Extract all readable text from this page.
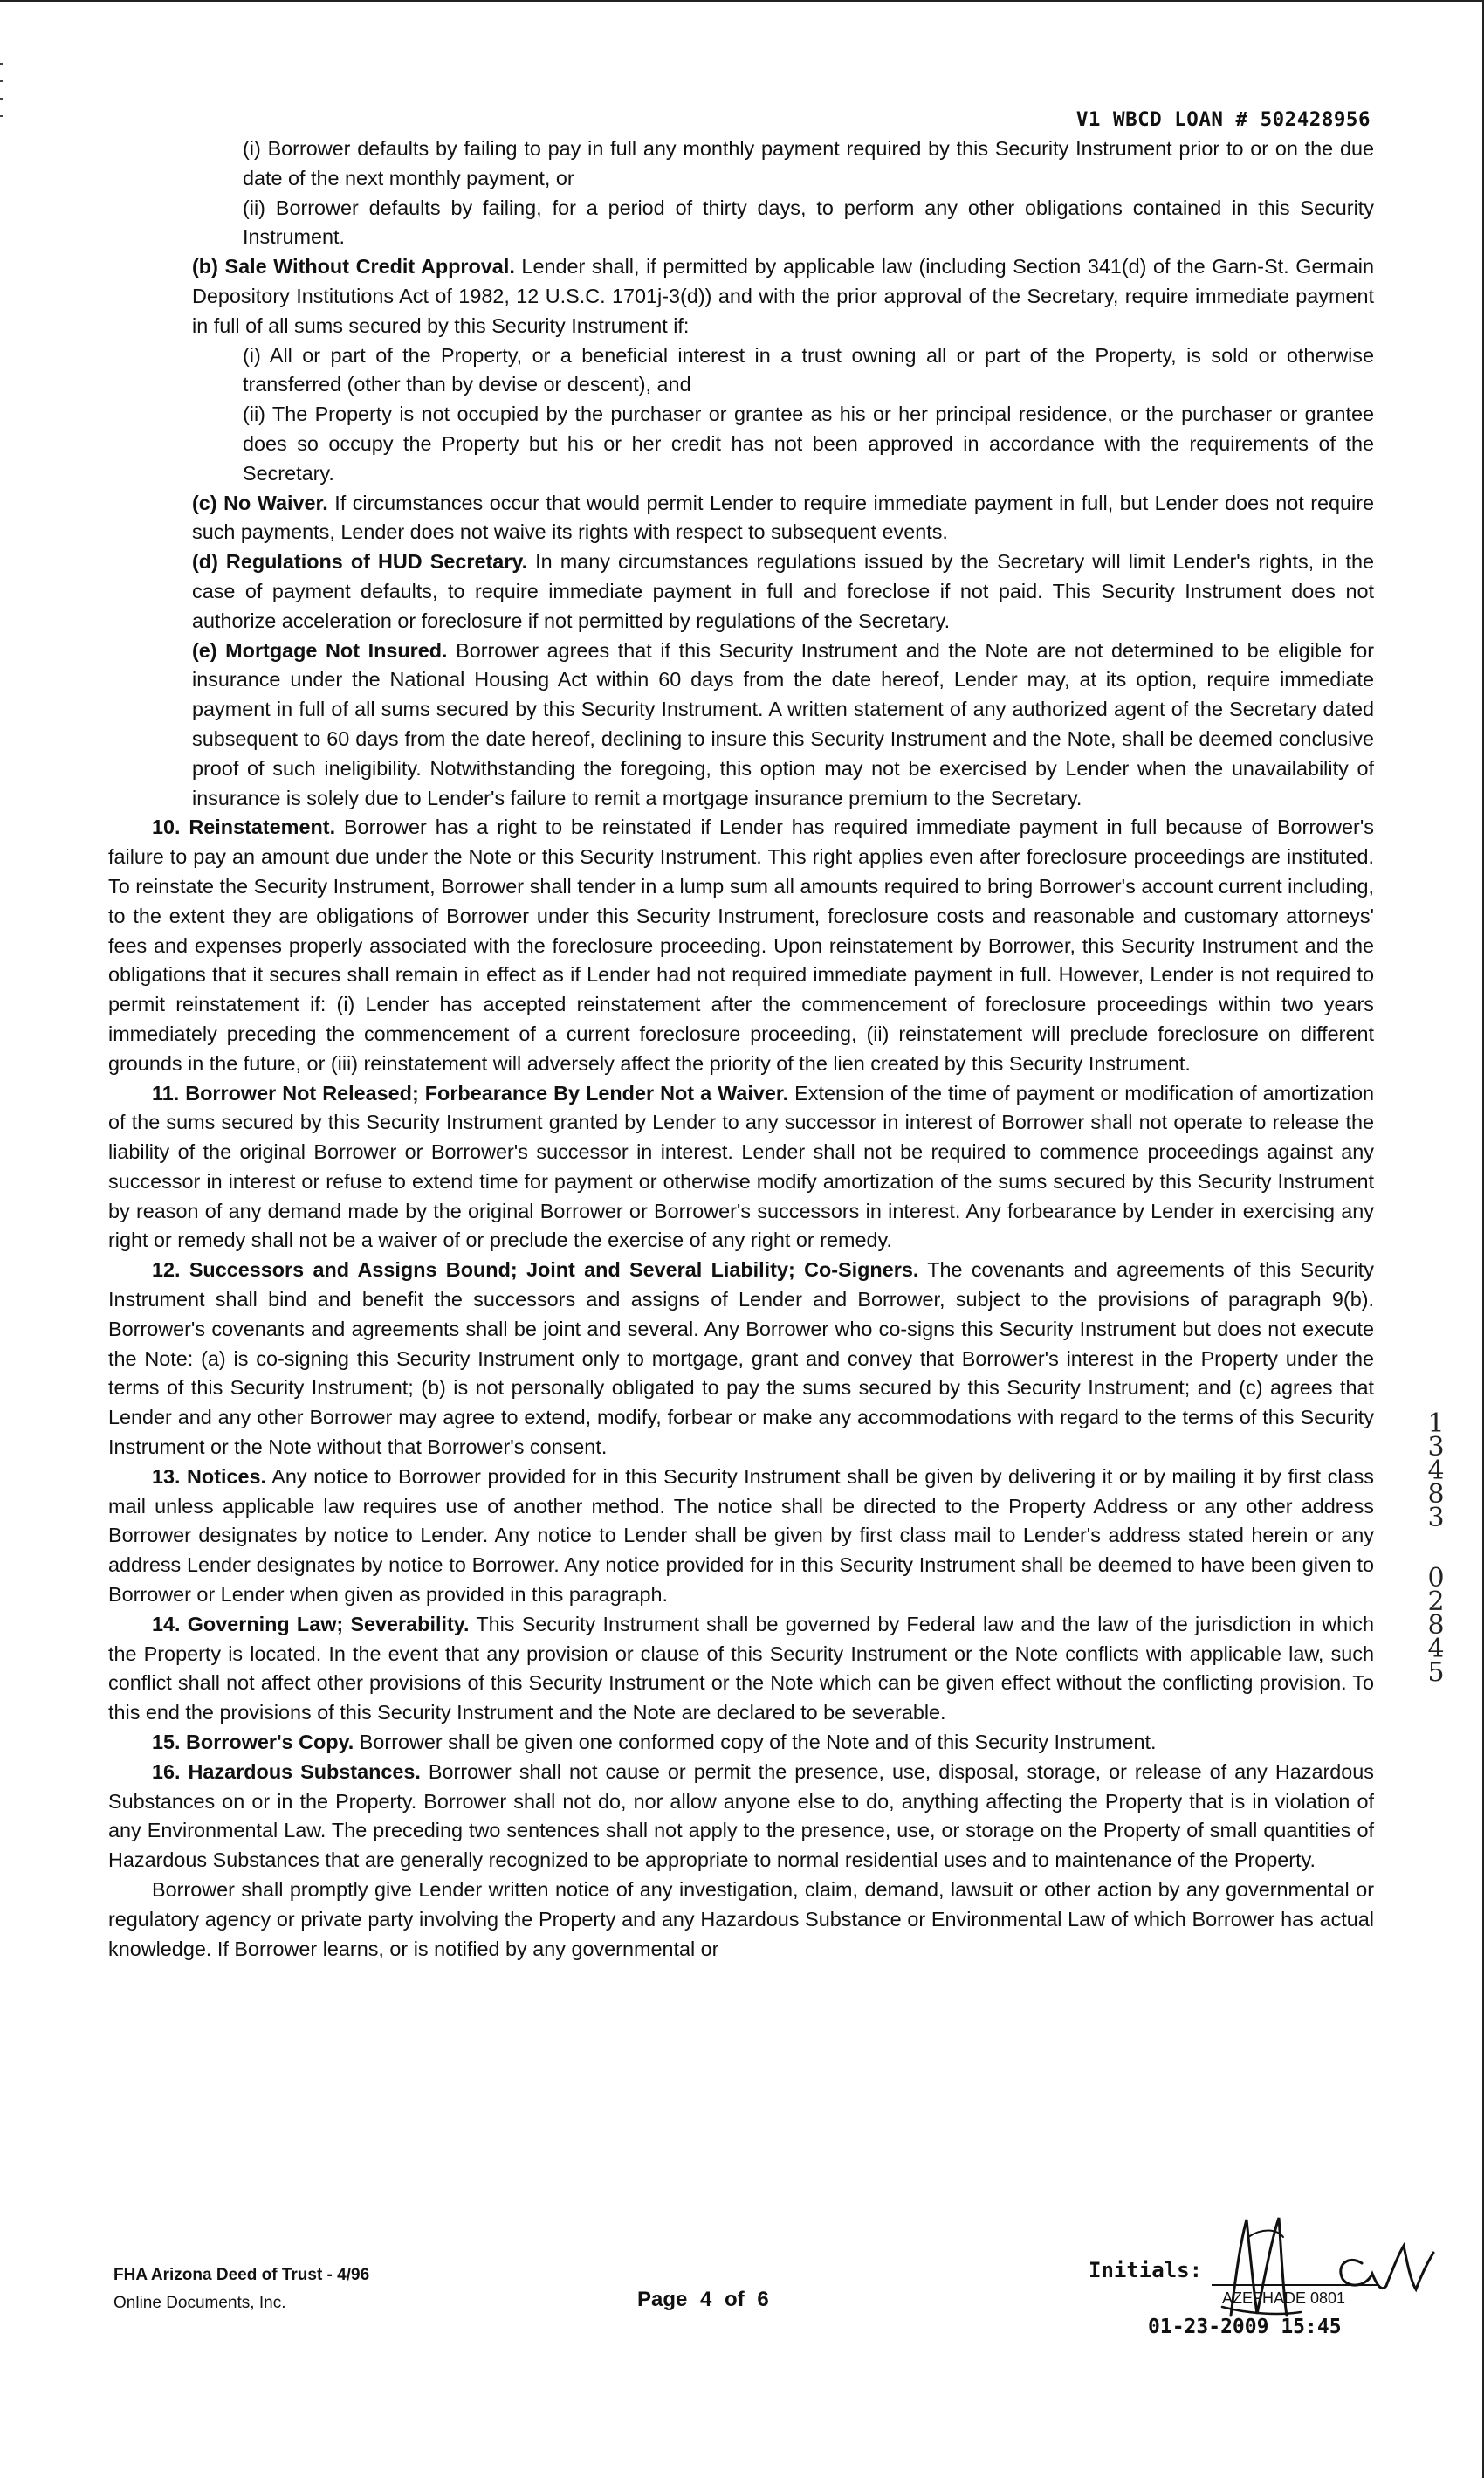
V1 WBCD LOAN # 502428956

(i) Borrower defaults by failing to pay in full any monthly payment required by this Security Instrument prior to or on the due date of the next monthly payment, or

(ii) Borrower defaults by failing, for a period of thirty days, to perform any other obligations contained in this Security Instrument.

(b) Sale Without Credit Approval. Lender shall, if permitted by applicable law (including Section 341(d) of the Garn-St. Germain Depository Institutions Act of 1982, 12 U.S.C. 1701j-3(d)) and with the prior approval of the Secretary, require immediate payment in full of all sums secured by this Security Instrument if:

(i) All or part of the Property, or a beneficial interest in a trust owning all or part of the Property, is sold or otherwise transferred (other than by devise or descent), and

(ii) The Property is not occupied by the purchaser or grantee as his or her principal residence, or the purchaser or grantee does so occupy the Property but his or her credit has not been approved in accordance with the requirements of the Secretary.

(c) No Waiver. If circumstances occur that would permit Lender to require immediate payment in full, but Lender does not require such payments, Lender does not waive its rights with respect to subsequent events.

(d) Regulations of HUD Secretary. In many circumstances regulations issued by the Secretary will limit Lender's rights, in the case of payment defaults, to require immediate payment in full and foreclose if not paid. This Security Instrument does not authorize acceleration or foreclosure if not permitted by regulations of the Secretary.

(e) Mortgage Not Insured. Borrower agrees that if this Security Instrument and the Note are not determined to be eligible for insurance under the National Housing Act within 60 days from the date hereof, Lender may, at its option, require immediate payment in full of all sums secured by this Security Instrument. A written statement of any authorized agent of the Secretary dated subsequent to 60 days from the date hereof, declining to insure this Security Instrument and the Note, shall be deemed conclusive proof of such ineligibility. Notwithstanding the foregoing, this option may not be exercised by Lender when the unavailability of insurance is solely due to Lender's failure to remit a mortgage insurance premium to the Secretary.

10. Reinstatement. Borrower has a right to be reinstated if Lender has required immediate payment in full because of Borrower's failure to pay an amount due under the Note or this Security Instrument. This right applies even after foreclosure proceedings are instituted. To reinstate the Security Instrument, Borrower shall tender in a lump sum all amounts required to bring Borrower's account current including, to the extent they are obligations of Borrower under this Security Instrument, foreclosure costs and reasonable and customary attorneys' fees and expenses properly associated with the foreclosure proceeding. Upon reinstatement by Borrower, this Security Instrument and the obligations that it secures shall remain in effect as if Lender had not required immediate payment in full. However, Lender is not required to permit reinstatement if: (i) Lender has accepted reinstatement after the commencement of foreclosure proceedings within two years immediately preceding the commencement of a current foreclosure proceeding, (ii) reinstatement will preclude foreclosure on different grounds in the future, or (iii) reinstatement will adversely affect the priority of the lien created by this Security Instrument.

11. Borrower Not Released; Forbearance By Lender Not a Waiver. Extension of the time of payment or modification of amortization of the sums secured by this Security Instrument granted by Lender to any successor in interest of Borrower shall not operate to release the liability of the original Borrower or Borrower's successor in interest. Lender shall not be required to commence proceedings against any successor in interest or refuse to extend time for payment or otherwise modify amortization of the sums secured by this Security Instrument by reason of any demand made by the original Borrower or Borrower's successors in interest. Any forbearance by Lender in exercising any right or remedy shall not be a waiver of or preclude the exercise of any right or remedy.

12. Successors and Assigns Bound; Joint and Several Liability; Co-Signers. The covenants and agreements of this Security Instrument shall bind and benefit the successors and assigns of Lender and Borrower, subject to the provisions of paragraph 9(b). Borrower's covenants and agreements shall be joint and several. Any Borrower who co-signs this Security Instrument but does not execute the Note: (a) is co-signing this Security Instrument only to mortgage, grant and convey that Borrower's interest in the Property under the terms of this Security Instrument; (b) is not personally obligated to pay the sums secured by this Security Instrument; and (c) agrees that Lender and any other Borrower may agree to extend, modify, forbear or make any accommodations with regard to the terms of this Security Instrument or the Note without that Borrower's consent.

13. Notices. Any notice to Borrower provided for in this Security Instrument shall be given by delivering it or by mailing it by first class mail unless applicable law requires use of another method. The notice shall be directed to the Property Address or any other address Borrower designates by notice to Lender. Any notice to Lender shall be given by first class mail to Lender's address stated herein or any address Lender designates by notice to Borrower. Any notice provided for in this Security Instrument shall be deemed to have been given to Borrower or Lender when given as provided in this paragraph.

14. Governing Law; Severability. This Security Instrument shall be governed by Federal law and the law of the jurisdiction in which the Property is located. In the event that any provision or clause of this Security Instrument or the Note conflicts with applicable law, such conflict shall not affect other provisions of this Security Instrument or the Note which can be given effect without the conflicting provision. To this end the provisions of this Security Instrument and the Note are declared to be severable.

15. Borrower's Copy. Borrower shall be given one conformed copy of the Note and of this Security Instrument.

16. Hazardous Substances. Borrower shall not cause or permit the presence, use, disposal, storage, or release of any Hazardous Substances on or in the Property. Borrower shall not do, nor allow anyone else to do, anything affecting the Property that is in violation of any Environmental Law. The preceding two sentences shall not apply to the presence, use, or storage on the Property of small quantities of Hazardous Substances that are generally recognized to be appropriate to normal residential uses and to maintenance of the Property.

Borrower shall promptly give Lender written notice of any investigation, claim, demand, lawsuit or other action by any governmental or regulatory agency or private party involving the Property and any Hazardous Substance or Environmental Law of which Borrower has actual knowledge. If Borrower learns, or is notified by any governmental or

1
3
4
8
3
0
2
8
4
5
FHA Arizona Deed of Trust - 4/96
Online Documents, Inc.	Page 4 of 6
Initials:
AZEFHADE 0801
01-23-2009 15:45
